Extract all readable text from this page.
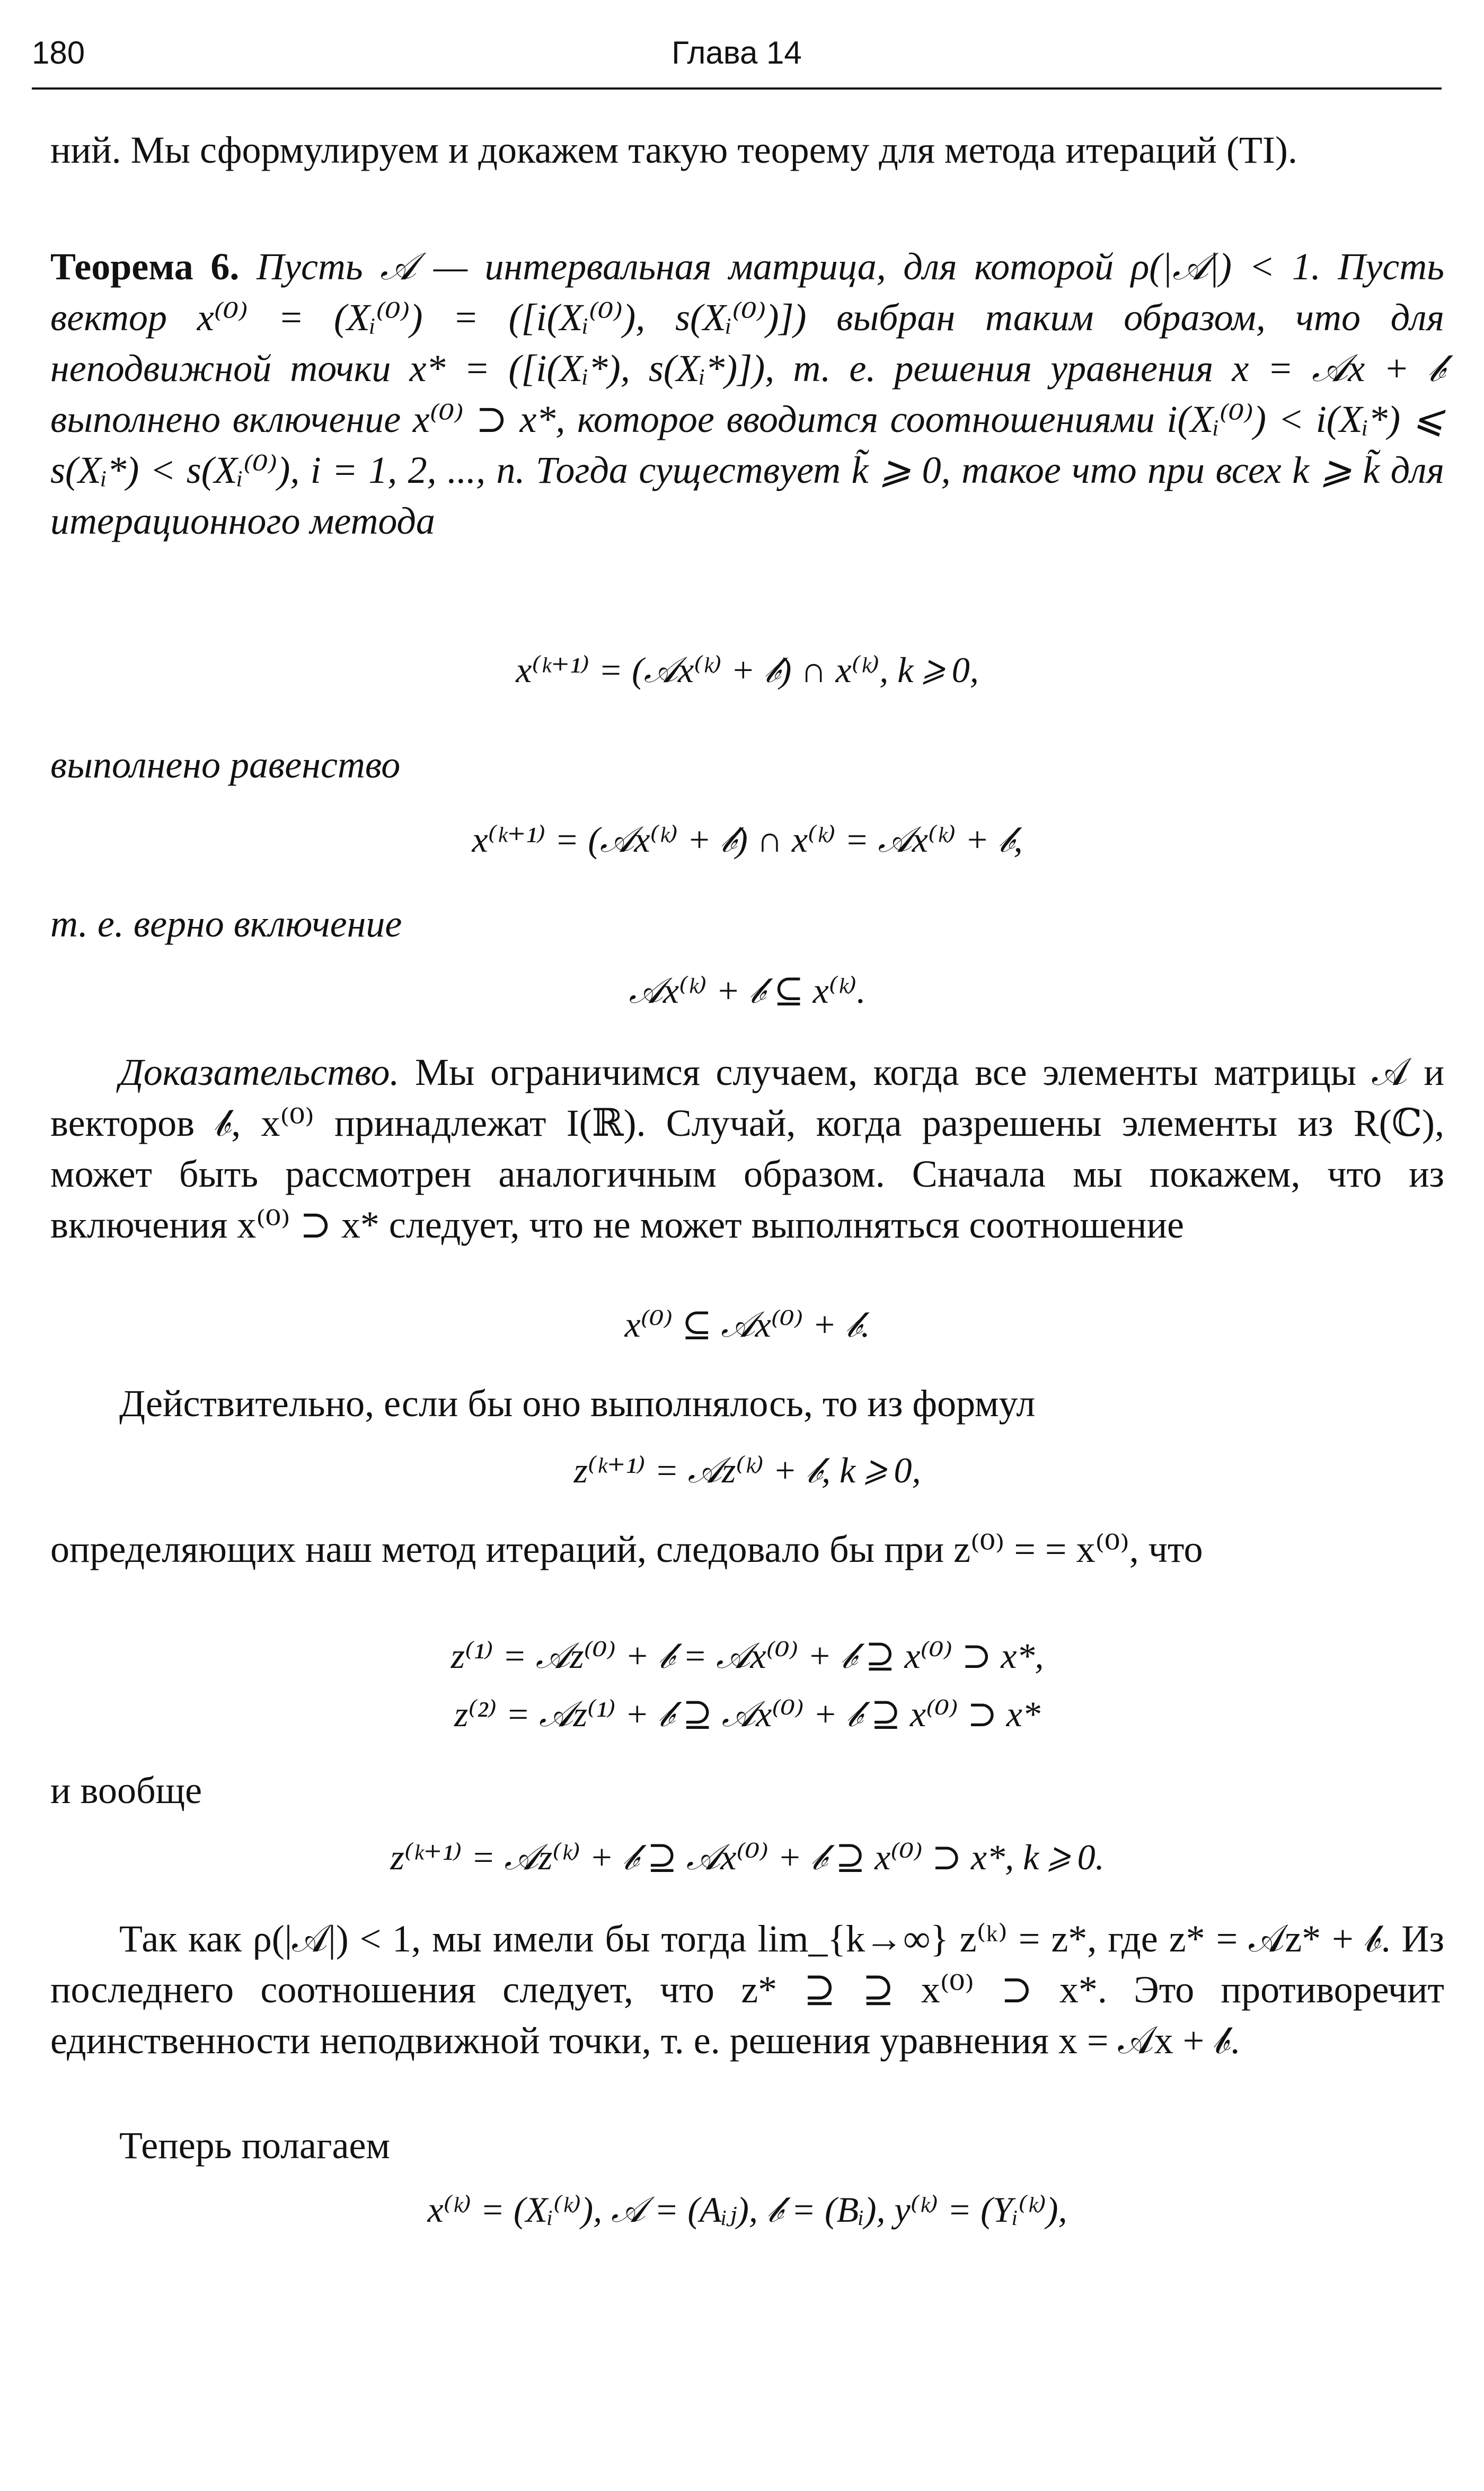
180	Глава 14

ний. Мы сформулируем и докажем такую теорему для метода итераций (TI).

Теорема 6. Пусть 𝒜 — интервальная матрица, для которой ρ(|𝒜|) < 1. Пусть вектор x⁽⁰⁾ = (Xᵢ⁽⁰⁾) = ([i(Xᵢ⁽⁰⁾), s(Xᵢ⁽⁰⁾)]) выбран таким образом, что для неподвижной точки x* = ([i(Xᵢ*), s(Xᵢ*)]), т. е. решения уравнения x = 𝒜x + 𝒷 выполнено включение x⁽⁰⁾ ⊃ x*, которое вводится соотношениями i(Xᵢ⁽⁰⁾) < i(Xᵢ*) ⩽ s(Xᵢ*) < s(Xᵢ⁽⁰⁾), i = 1, 2, ..., n. Тогда существует k̃ ⩾ 0, такое что при всех k ⩾ k̃ для итерационного метода

x⁽ᵏ⁺¹⁾ = (𝒜x⁽ᵏ⁾ + 𝒷) ∩ x⁽ᵏ⁾, k ⩾ 0,

выполнено равенство

x⁽ᵏ⁺¹⁾ = (𝒜x⁽ᵏ⁾ + 𝒷) ∩ x⁽ᵏ⁾ = 𝒜x⁽ᵏ⁾ + 𝒷,

т. е. верно включение

𝒜x⁽ᵏ⁾ + 𝒷 ⊆ x⁽ᵏ⁾.

Доказательство. Мы ограничимся случаем, когда все элементы матрицы 𝒜 и векторов 𝒷, x⁽⁰⁾ принадлежат I(ℝ). Случай, когда разрешены элементы из R(ℂ), может быть рассмотрен аналогичным образом. Сначала мы покажем, что из включения x⁽⁰⁾ ⊃ x* следует, что не может выполняться соотношение

x⁽⁰⁾ ⊆ 𝒜x⁽⁰⁾ + 𝒷.

Действительно, если бы оно выполнялось, то из формул

z⁽ᵏ⁺¹⁾ = 𝒜z⁽ᵏ⁾ + 𝒷, k ⩾ 0,

определяющих наш метод итераций, следовало бы при z⁽⁰⁾ = = x⁽⁰⁾, что

z⁽¹⁾ = 𝒜z⁽⁰⁾ + 𝒷 = 𝒜x⁽⁰⁾ + 𝒷 ⊇ x⁽⁰⁾ ⊃ x*,
z⁽²⁾ = 𝒜z⁽¹⁾ + 𝒷 ⊇ 𝒜x⁽⁰⁾ + 𝒷 ⊇ x⁽⁰⁾ ⊃ x*

и вообще

z⁽ᵏ⁺¹⁾ = 𝒜z⁽ᵏ⁾ + 𝒷 ⊇ 𝒜x⁽⁰⁾ + 𝒷 ⊇ x⁽⁰⁾ ⊃ x*, k ⩾ 0.

Так как ρ(|𝒜|) < 1, мы имели бы тогда lim_{k→∞} z⁽ᵏ⁾ = z*, где z* = 𝒜z* + 𝒷. Из последнего соотношения следует, что z* ⊇ ⊇ x⁽⁰⁾ ⊃ x*. Это противоречит единственности неподвижной точки, т. е. решения уравнения x = 𝒜x + 𝒷.

Теперь полагаем

x⁽ᵏ⁾ = (Xᵢ⁽ᵏ⁾), 𝒜 = (Aᵢⱼ), 𝒷 = (Bᵢ), y⁽ᵏ⁾ = (Yᵢ⁽ᵏ⁾),
